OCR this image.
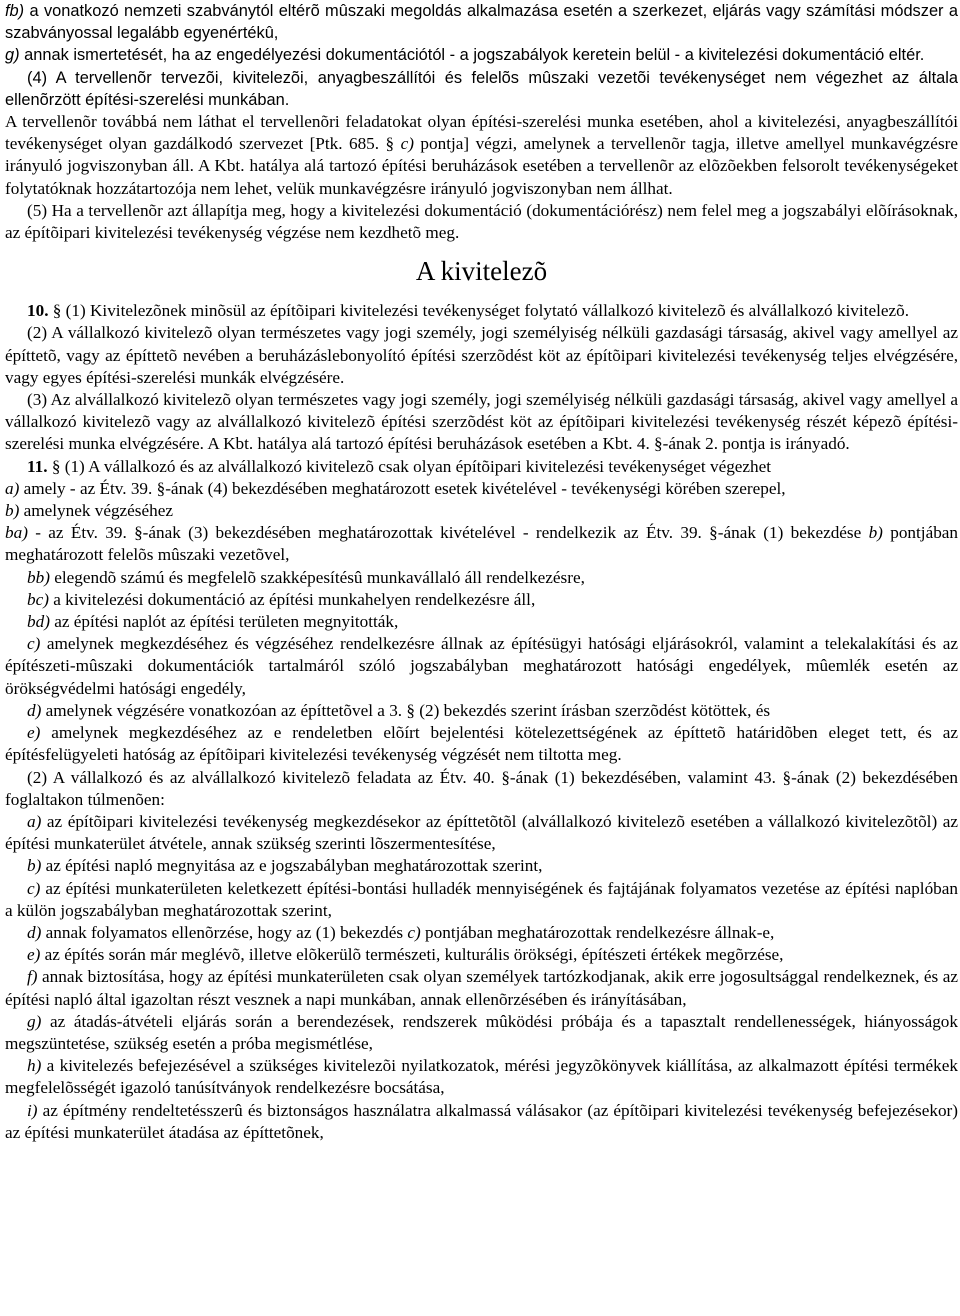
fb) a vonatkozó nemzeti szabványtól eltérõ mûszaki megoldás alkalmazása esetén a szerkezet, eljárás vagy számítási módszer a szabványossal legalább egyenértékû,

g) annak ismertetését, ha az engedélyezési dokumentációtól - a jogszabályok keretein belül - a kivitelezési dokumentáció eltér.

(4) A tervellenõr tervezõi, kivitelezõi, anyagbeszállítói és felelõs mûszaki vezetõi tevékenységet nem végezhet az általa ellenõrzött építési-szerelési munkában.

A tervellenõr továbbá nem láthat el tervellenõri feladatokat olyan építési-szerelési munka esetében, ahol a kivitelezési, anyagbeszállítói tevékenységet olyan gazdálkodó szervezet [Ptk. 685. § c) pontja] végzi, amelynek a tervellenõr tagja, illetve amellyel munkavégzésre irányuló jogviszonyban áll. A Kbt. hatálya alá tartozó építési beruházások esetében a tervellenõr az elõzõekben felsorolt tevékenységeket folytatóknak hozzátartozója nem lehet, velük munkavégzésre irányuló jogviszonyban nem állhat.

(5) Ha a tervellenõr azt állapítja meg, hogy a kivitelezési dokumentáció (dokumentációrész) nem felel meg a jogszabályi elõírásoknak, az építõipari kivitelezési tevékenység végzése nem kezdhetõ meg.

A kivitelezõ

10. § (1) Kivitelezõnek minõsül az építõipari kivitelezési tevékenységet folytató vállalkozó kivitelezõ és alvállalkozó kivitelezõ.

(2) A vállalkozó kivitelezõ olyan természetes vagy jogi személy, jogi személyiség nélküli gazdasági társaság, akivel vagy amellyel az építtetõ, vagy az építtetõ nevében a beruházáslebonyolító építési szerzõdést köt az építõipari kivitelezési tevékenység teljes elvégzésére, vagy egyes építési-szerelési munkák elvégzésére.

(3) Az alvállalkozó kivitelezõ olyan természetes vagy jogi személy, jogi személyiség nélküli gazdasági társaság, akivel vagy amellyel a vállalkozó kivitelezõ vagy az alvállalkozó kivitelezõ építési szerzõdést köt az építõipari kivitelezési tevékenység részét képezõ építési-szerelési munka elvégzésére. A Kbt. hatálya alá tartozó építési beruházások esetében a Kbt. 4. §-ának 2. pontja is irányadó.

11. § (1) A vállalkozó és az alvállalkozó kivitelezõ csak olyan építõipari kivitelezési tevékenységet végezhet

a) amely - az Étv. 39. §-ának (4) bekezdésében meghatározott esetek kivételével - tevékenységi körében szerepel,

b) amelynek végzéséhez

ba) - az Étv. 39. §-ának (3) bekezdésében meghatározottak kivételével - rendelkezik az Étv. 39. §-ának (1) bekezdése b) pontjában meghatározott felelõs mûszaki vezetõvel,

bb) elegendõ számú és megfelelõ szakképesítésû munkavállaló áll rendelkezésre,

bc) a kivitelezési dokumentáció az építési munkahelyen rendelkezésre áll,

bd) az építési naplót az építési területen megnyitották,

c) amelynek megkezdéséhez és végzéséhez rendelkezésre állnak az építésügyi hatósági eljárásokról, valamint a telekalakítási és az építészeti-mûszaki dokumentációk tartalmáról szóló jogszabályban meghatározott hatósági engedélyek, mûemlék esetén az örökségvédelmi hatósági engedély,

d) amelynek végzésére vonatkozóan az építtetõvel a 3. § (2) bekezdés szerint írásban szerzõdést kötöttek, és

e) amelynek megkezdéséhez az e rendeletben elõírt bejelentési kötelezettségének az építtetõ határidõben eleget tett, és az építésfelügyeleti hatóság az építõipari kivitelezési tevékenység végzését nem tiltotta meg.

(2) A vállalkozó és az alvállalkozó kivitelezõ feladata az Étv. 40. §-ának (1) bekezdésében, valamint 43. §-ának (2) bekezdésében foglaltakon túlmenõen:

a) az építõipari kivitelezési tevékenység megkezdésekor az építtetõtõl (alvállalkozó kivitelezõ esetében a vállalkozó kivitelezõtõl) az építési munkaterület átvétele, annak szükség szerinti lõszermentesítése,

b) az építési napló megnyitása az e jogszabályban meghatározottak szerint,

c) az építési munkaterületen keletkezett építési-bontási hulladék mennyiségének és fajtájának folyamatos vezetése az építési naplóban a külön jogszabályban meghatározottak szerint,

d) annak folyamatos ellenõrzése, hogy az (1) bekezdés c) pontjában meghatározottak rendelkezésre állnak-e,

e) az építés során már meglévõ, illetve elõkerülõ természeti, kulturális örökségi, építészeti értékek megõrzése,

f) annak biztosítása, hogy az építési munkaterületen csak olyan személyek tartózkodjanak, akik erre jogosultsággal rendelkeznek, és az építési napló által igazoltan részt vesznek a napi munkában, annak ellenõrzésében és irányításában,

g) az átadás-átvételi eljárás során a berendezések, rendszerek mûködési próbája és a tapasztalt rendellenességek, hiányosságok megszüntetése, szükség esetén a próba megismétlése,

h) a kivitelezés befejezésével a szükséges kivitelezõi nyilatkozatok, mérési jegyzõkönyvek kiállítása, az alkalmazott építési termékek megfelelõsségét igazoló tanúsítványok rendelkezésre bocsátása,

i) az építmény rendeltetésszerû és biztonságos használatra alkalmassá válásakor (az építõipari kivitelezési tevékenység befejezésekor) az építési munkaterület átadása az építtetõnek,
